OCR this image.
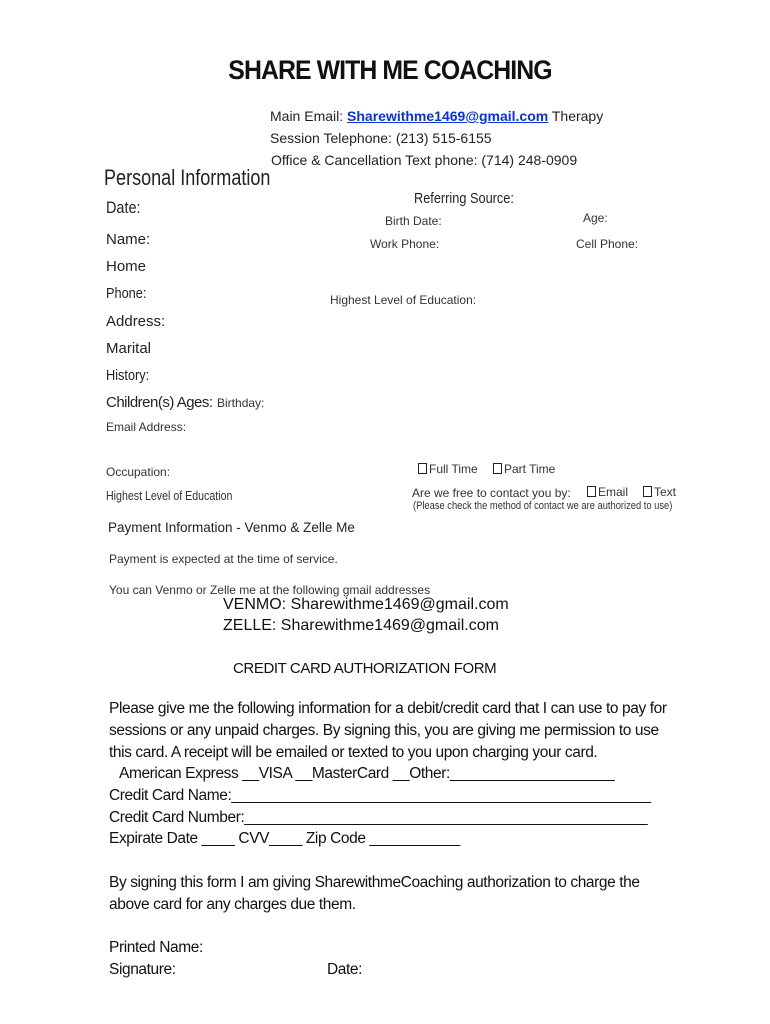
SHARE WITH ME COACHING
Main Email: Sharewithme1469@gmail.com Therapy
Session Telephone: (213) 515-6155
Office & Cancellation Text phone: (714) 248-0909
Personal Information
Date:
Name:
Home
Phone:
Address:
Marital
History:
Children(s) Ages: Birthday:
Email Address:
Occupation:
Highest Level of Education
Referring Source:
Birth Date:	Age:
Work Phone:	Cell Phone:
Highest Level of Education:
Full Time	Part Time
Are we free to contact you by:	Email	Text
(Please check the method of contact we are authorized to use)
Payment Information - Venmo & Zelle Me
Payment is expected at the time of service.
You can Venmo or Zelle me at the following gmail addresses
VENMO: Sharewithme1469@gmail.com
ZELLE: Sharewithme1469@gmail.com
CREDIT CARD AUTHORIZATION FORM
Please give me the following information for a debit/credit card that I can use to pay for
sessions or any unpaid charges. By signing this, you are giving me permission to use
this card. A receipt will be emailed or texted to you upon charging your card.
American Express __VISA __MasterCard __Other:____________________
Credit Card Name:___________________________________________________
Credit Card Number:_________________________________________________
Expirate Date ____ CVV____ Zip Code ___________
By signing this form I am giving SharewithmeCoaching authorization to charge the
above card for any charges due them.
Printed Name:
Signature:	Date:
